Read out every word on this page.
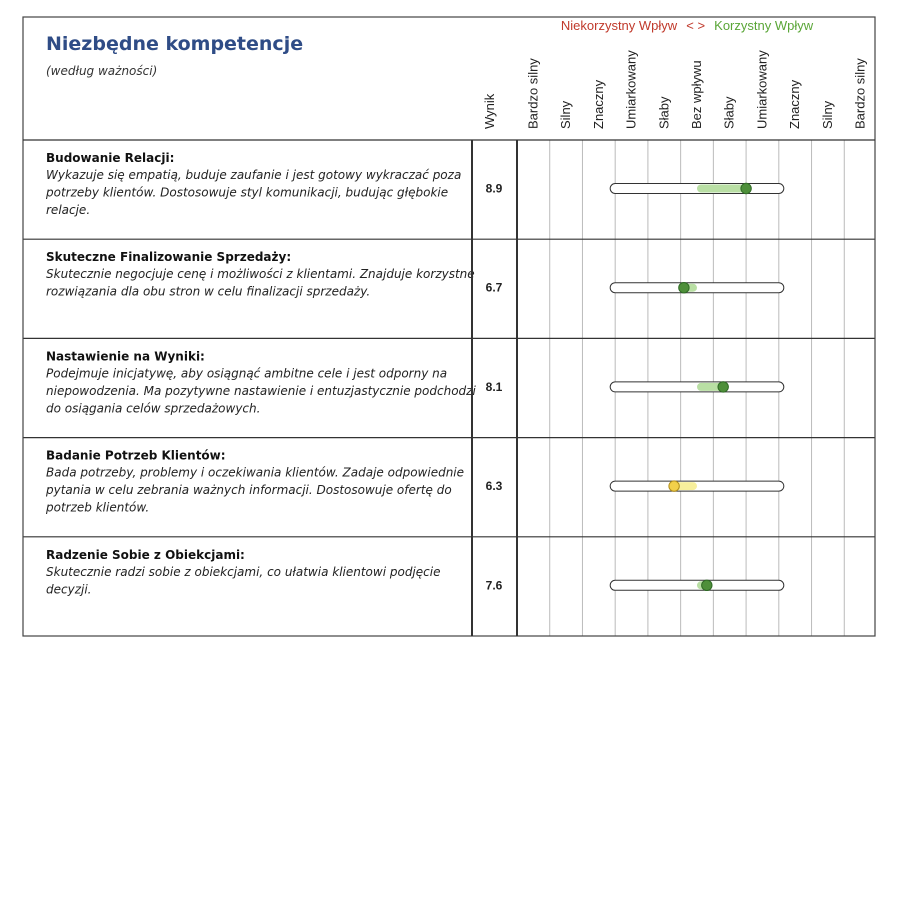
Niekorzystny Wpływ < > Korzystny Wpływ
Niezbędne kompetencje
(według ważności)
Wynik Bardzo silny Silny Znaczny Umiarkowany Słaby Bez wpływu Słaby Umiarkowany Znaczny Silny Bardzo silny
Budowanie Relacji:
Wykazuje się empatią, buduje zaufanie i jest gotowy wykraczać poza
potrzeby klientów. Dostosowuje styl komunikacji, budując głębokie
relacje.
8.9
Skuteczne Finalizowanie Sprzedaży:
Skutecznie negocjuje cenę i możliwości z klientami. Znajduje korzystne
rozwiązania dla obu stron w celu finalizacji sprzedaży.	6.7
Nastawienie na Wyniki:
Podejmuje inicjatywę, aby osiągnąć ambitne cele i jest odporny na
niepowodzenia. Ma pozytywne nastawienie i entuzjastycznie podchodzi
do osiągania celów sprzedażowych.
8.1
Badanie Potrzeb Klientów:
Bada potrzeby, problemy i oczekiwania klientów. Zadaje odpowiednie
pytania w celu zebrania ważnych informacji. Dostosowuje ofertę do
potrzeb klientów.
6.3
Radzenie Sobie z Obiekcjami:
Skutecznie radzi sobie z obiekcjami, co ułatwia klientowi podjęcie
decyzji.	7.6
